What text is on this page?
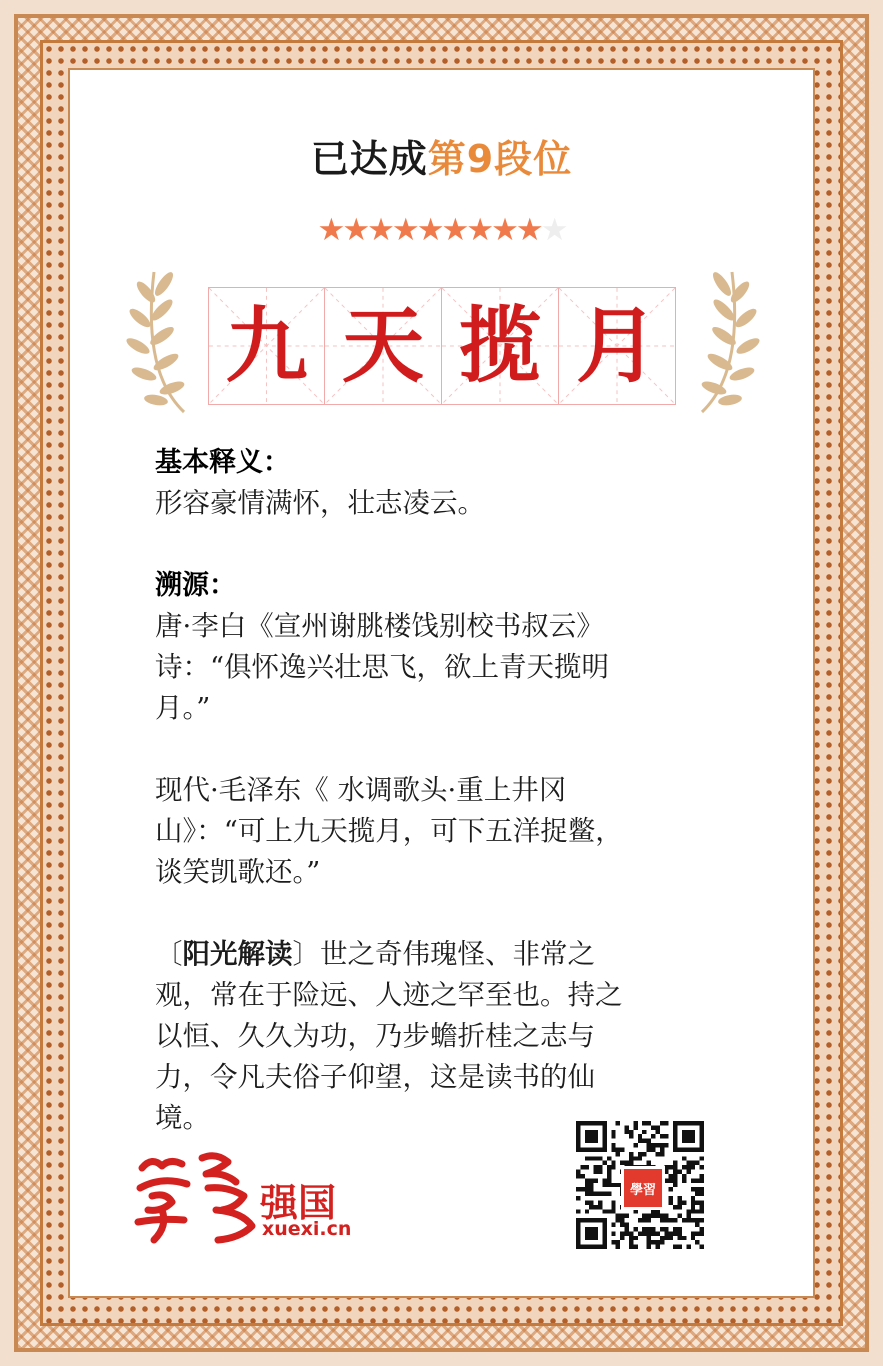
已达成第9段位
★★★★★★★★★★
九 天 揽 月

基本释义：

形容豪情满怀，壮志凌云。

溯源：

唐·李白《宣州谢朓楼饯别校书叔云》

诗：“俱怀逸兴壮思飞，欲上青天揽明

月。”

现代·毛泽东《 水调歌头·重上井冈

山》：“可上九天揽月，可下五洋捉鳖，

谈笑凯歌还。”

〔阳光解读〕世之奇伟瑰怪、非常之

观，常在于险远、人迹之罕至也。持之

以恒、久久为功，乃步蟾折桂之志与

力，令凡夫俗子仰望，这是读书的仙

境。

强国
xuexi.cn
學習
